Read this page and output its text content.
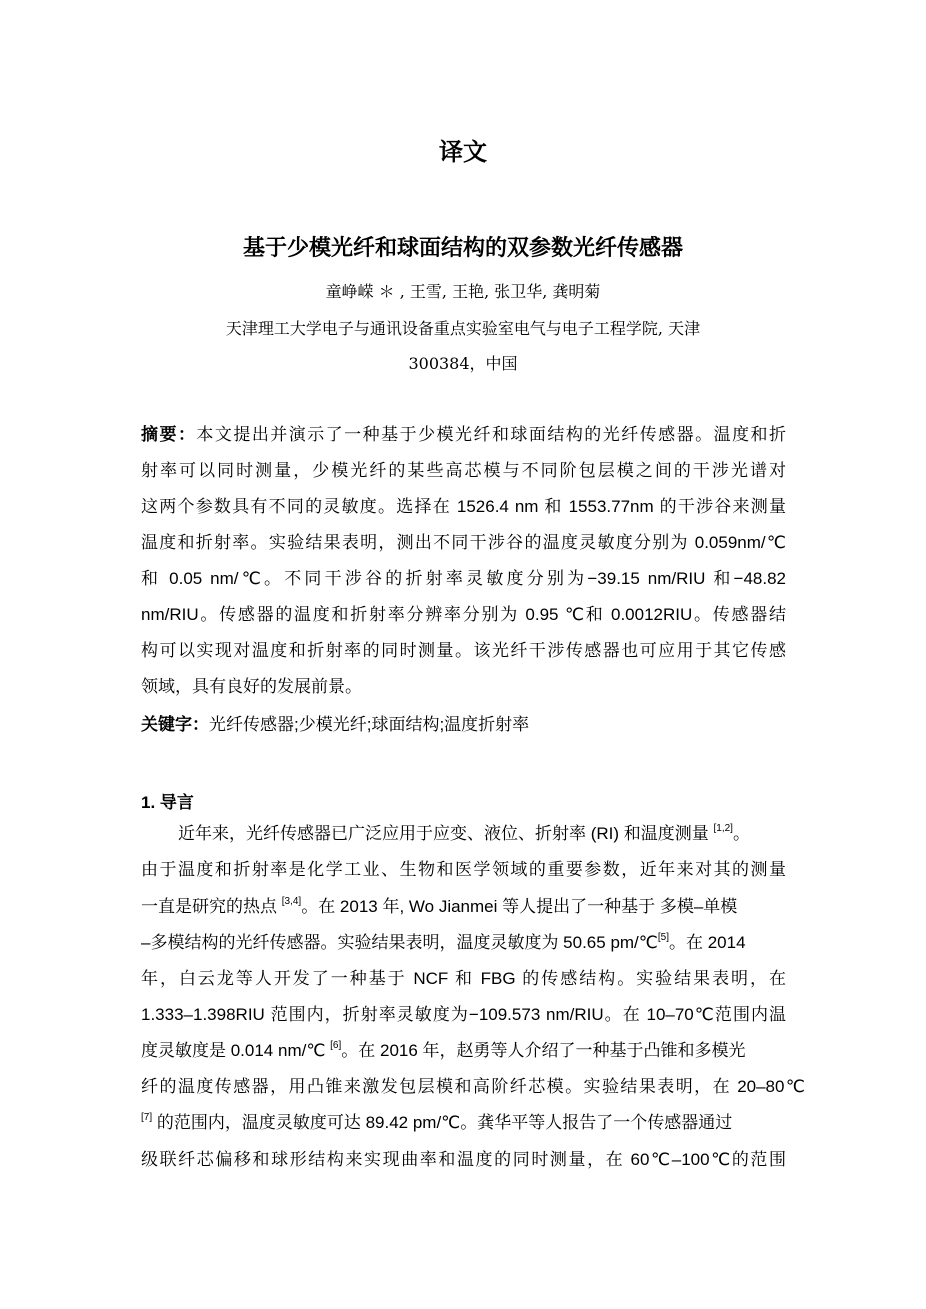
译文
基于少模光纤和球面结构的双参数光纤传感器
童峥嵘 ＊ , 王雪, 王艳, 张卫华, 龚明菊
天津理工大学电子与通讯设备重点实验室电气与电子工程学院, 天津
300384，中国
摘要：本文提出并演示了一种基于少模光纤和球面结构的光纤传感器。温度和折
射率可以同时测量，少模光纤的某些高芯模与不同阶包层模之间的干涉光谱对
这两个参数具有不同的灵敏度。选择在 1526.4 nm 和 1553.77nm 的干涉谷来测量
温度和折射率。实验结果表明，测出不同干涉谷的温度灵敏度分别为 0.059nm/℃
和 0.05 nm/℃。不同干涉谷的折射率灵敏度分别为−39.15 nm/RIU 和−48.82
nm/RIU。传感器的温度和折射率分辨率分别为 0.95 ℃和 0.0012RIU。传感器结
构可以实现对温度和折射率的同时测量。该光纤干涉传感器也可应用于其它传感
领域，具有良好的发展前景。
关键字：光纤传感器;少模光纤;球面结构;温度折射率
1. 导言
近年来，光纤传感器已广泛应用于应变、液位、折射率 (RI) 和温度测量 [1,2]。
由于温度和折射率是化学工业、生物和医学领域的重要参数，近年来对其的测量
一直是研究的热点 [3,4]。在 2013 年, Wo Jianmei 等人提出了一种基于 多模–单模
–多模结构的光纤传感器。实验结果表明，温度灵敏度为 50.65 pm/℃[5]。在 2014
年，白云龙等人开发了一种基于 NCF 和 FBG 的传感结构。实验结果表明，在
1.333–1.398RIU 范围内，折射率灵敏度为−109.573 nm/RIU。在 10–70℃范围内温
度灵敏度是 0.014 nm/℃ [6]。在 2016 年，赵勇等人介绍了一种基于凸锥和多模光
纤的温度传感器，用凸锥来激发包层模和高阶纤芯模。实验结果表明，在 20–80℃
[7] 的范围内，温度灵敏度可达 89.42 pm/℃。龚华平等人报告了一个传感器通过
级联纤芯偏移和球形结构来实现曲率和温度的同时测量，在 60℃–100℃的范围
